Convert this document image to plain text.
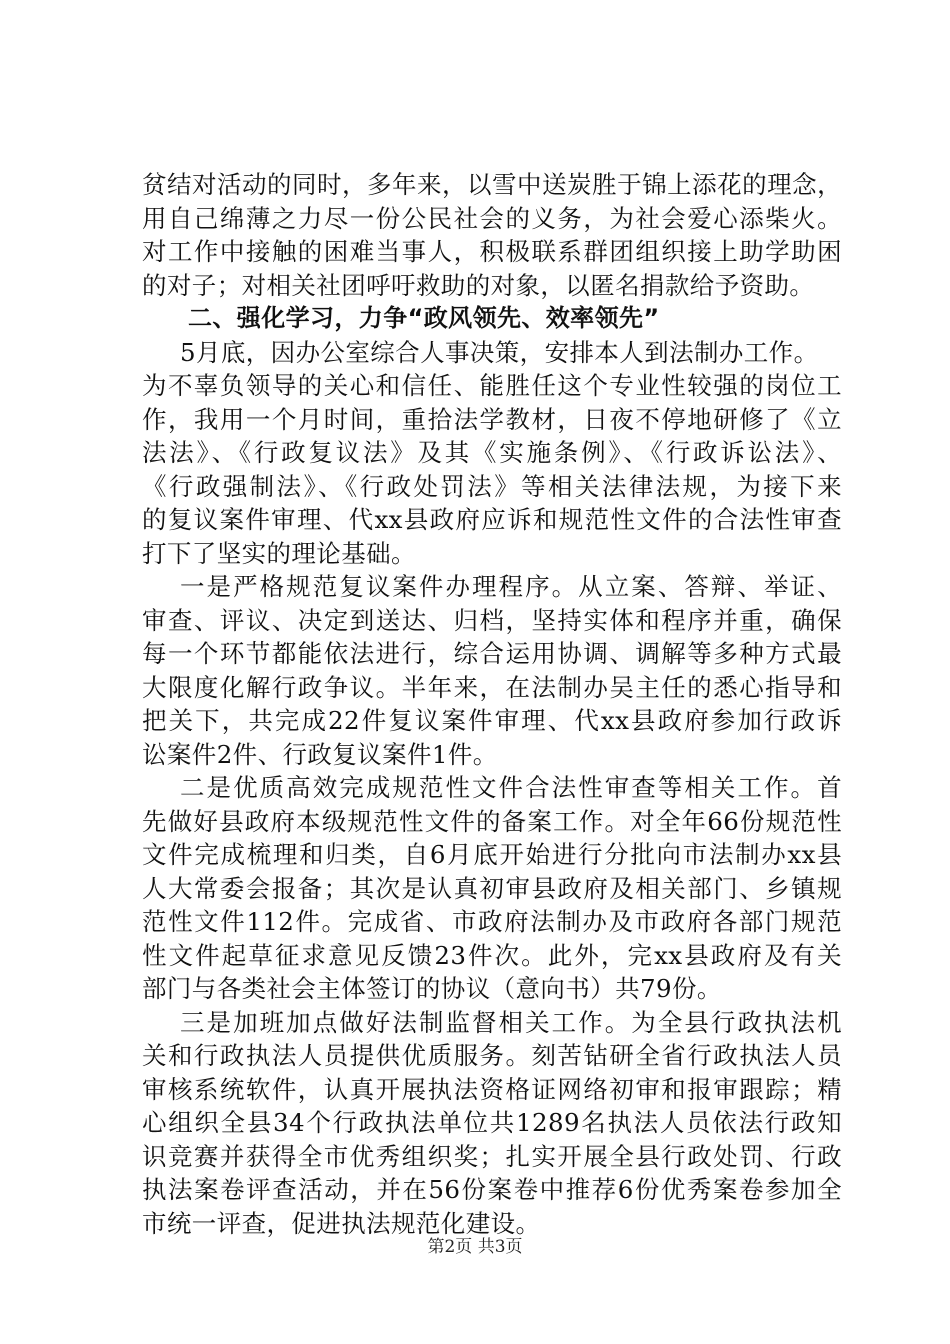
贫结对活动的同时，多年来，以雪中送炭胜于锦上添花的理念，
用自己绵薄之力尽一份公民社会的义务，为社会爱心添柴火。
对工作中接触的困难当事人，积极联系群团组织接上助学助困
的对子；对相关社团呼吁救助的对象，以匿名捐款给予资助。
二、强化学习，力争“政风领先、效率领先”
5月底，因办公室综合人事决策，安排本人到法制办工作。
为不辜负领导的关心和信任、能胜任这个专业性较强的岗位工
作，我用一个月时间，重拾法学教材，日夜不停地研修了《立
法法》、《行政复议法》及其《实施条例》、《行政诉讼法》、
《行政强制法》、《行政处罚法》等相关法律法规，为接下来
的复议案件审理、代xx县政府应诉和规范性文件的合法性审查
打下了坚实的理论基础。
一是严格规范复议案件办理程序。从立案、答辩、举证、
审查、评议、决定到送达、归档，坚持实体和程序并重，确保
每一个环节都能依法进行，综合运用协调、调解等多种方式最
大限度化解行政争议。半年来，在法制办吴主任的悉心指导和
把关下，共完成22件复议案件审理、代xx县政府参加行政诉
讼案件2件、行政复议案件1件。
二是优质高效完成规范性文件合法性审查等相关工作。首
先做好县政府本级规范性文件的备案工作。对全年66份规范性
文件完成梳理和归类，自6月底开始进行分批向市法制办xx县
人大常委会报备；其次是认真初审县政府及相关部门、乡镇规
范性文件112件。完成省、市政府法制办及市政府各部门规范
性文件起草征求意见反馈23件次。此外，完xx县政府及有关
部门与各类社会主体签订的协议（意向书）共79份。
三是加班加点做好法制监督相关工作。为全县行政执法机
关和行政执法人员提供优质服务。刻苦钻研全省行政执法人员
审核系统软件，认真开展执法资格证网络初审和报审跟踪；精
心组织全县34个行政执法单位共1289名执法人员依法行政知
识竞赛并获得全市优秀组织奖；扎实开展全县行政处罚、行政
执法案卷评查活动，并在56份案卷中推荐6份优秀案卷参加全
市统一评查，促进执法规范化建设。
第2页 共3页
